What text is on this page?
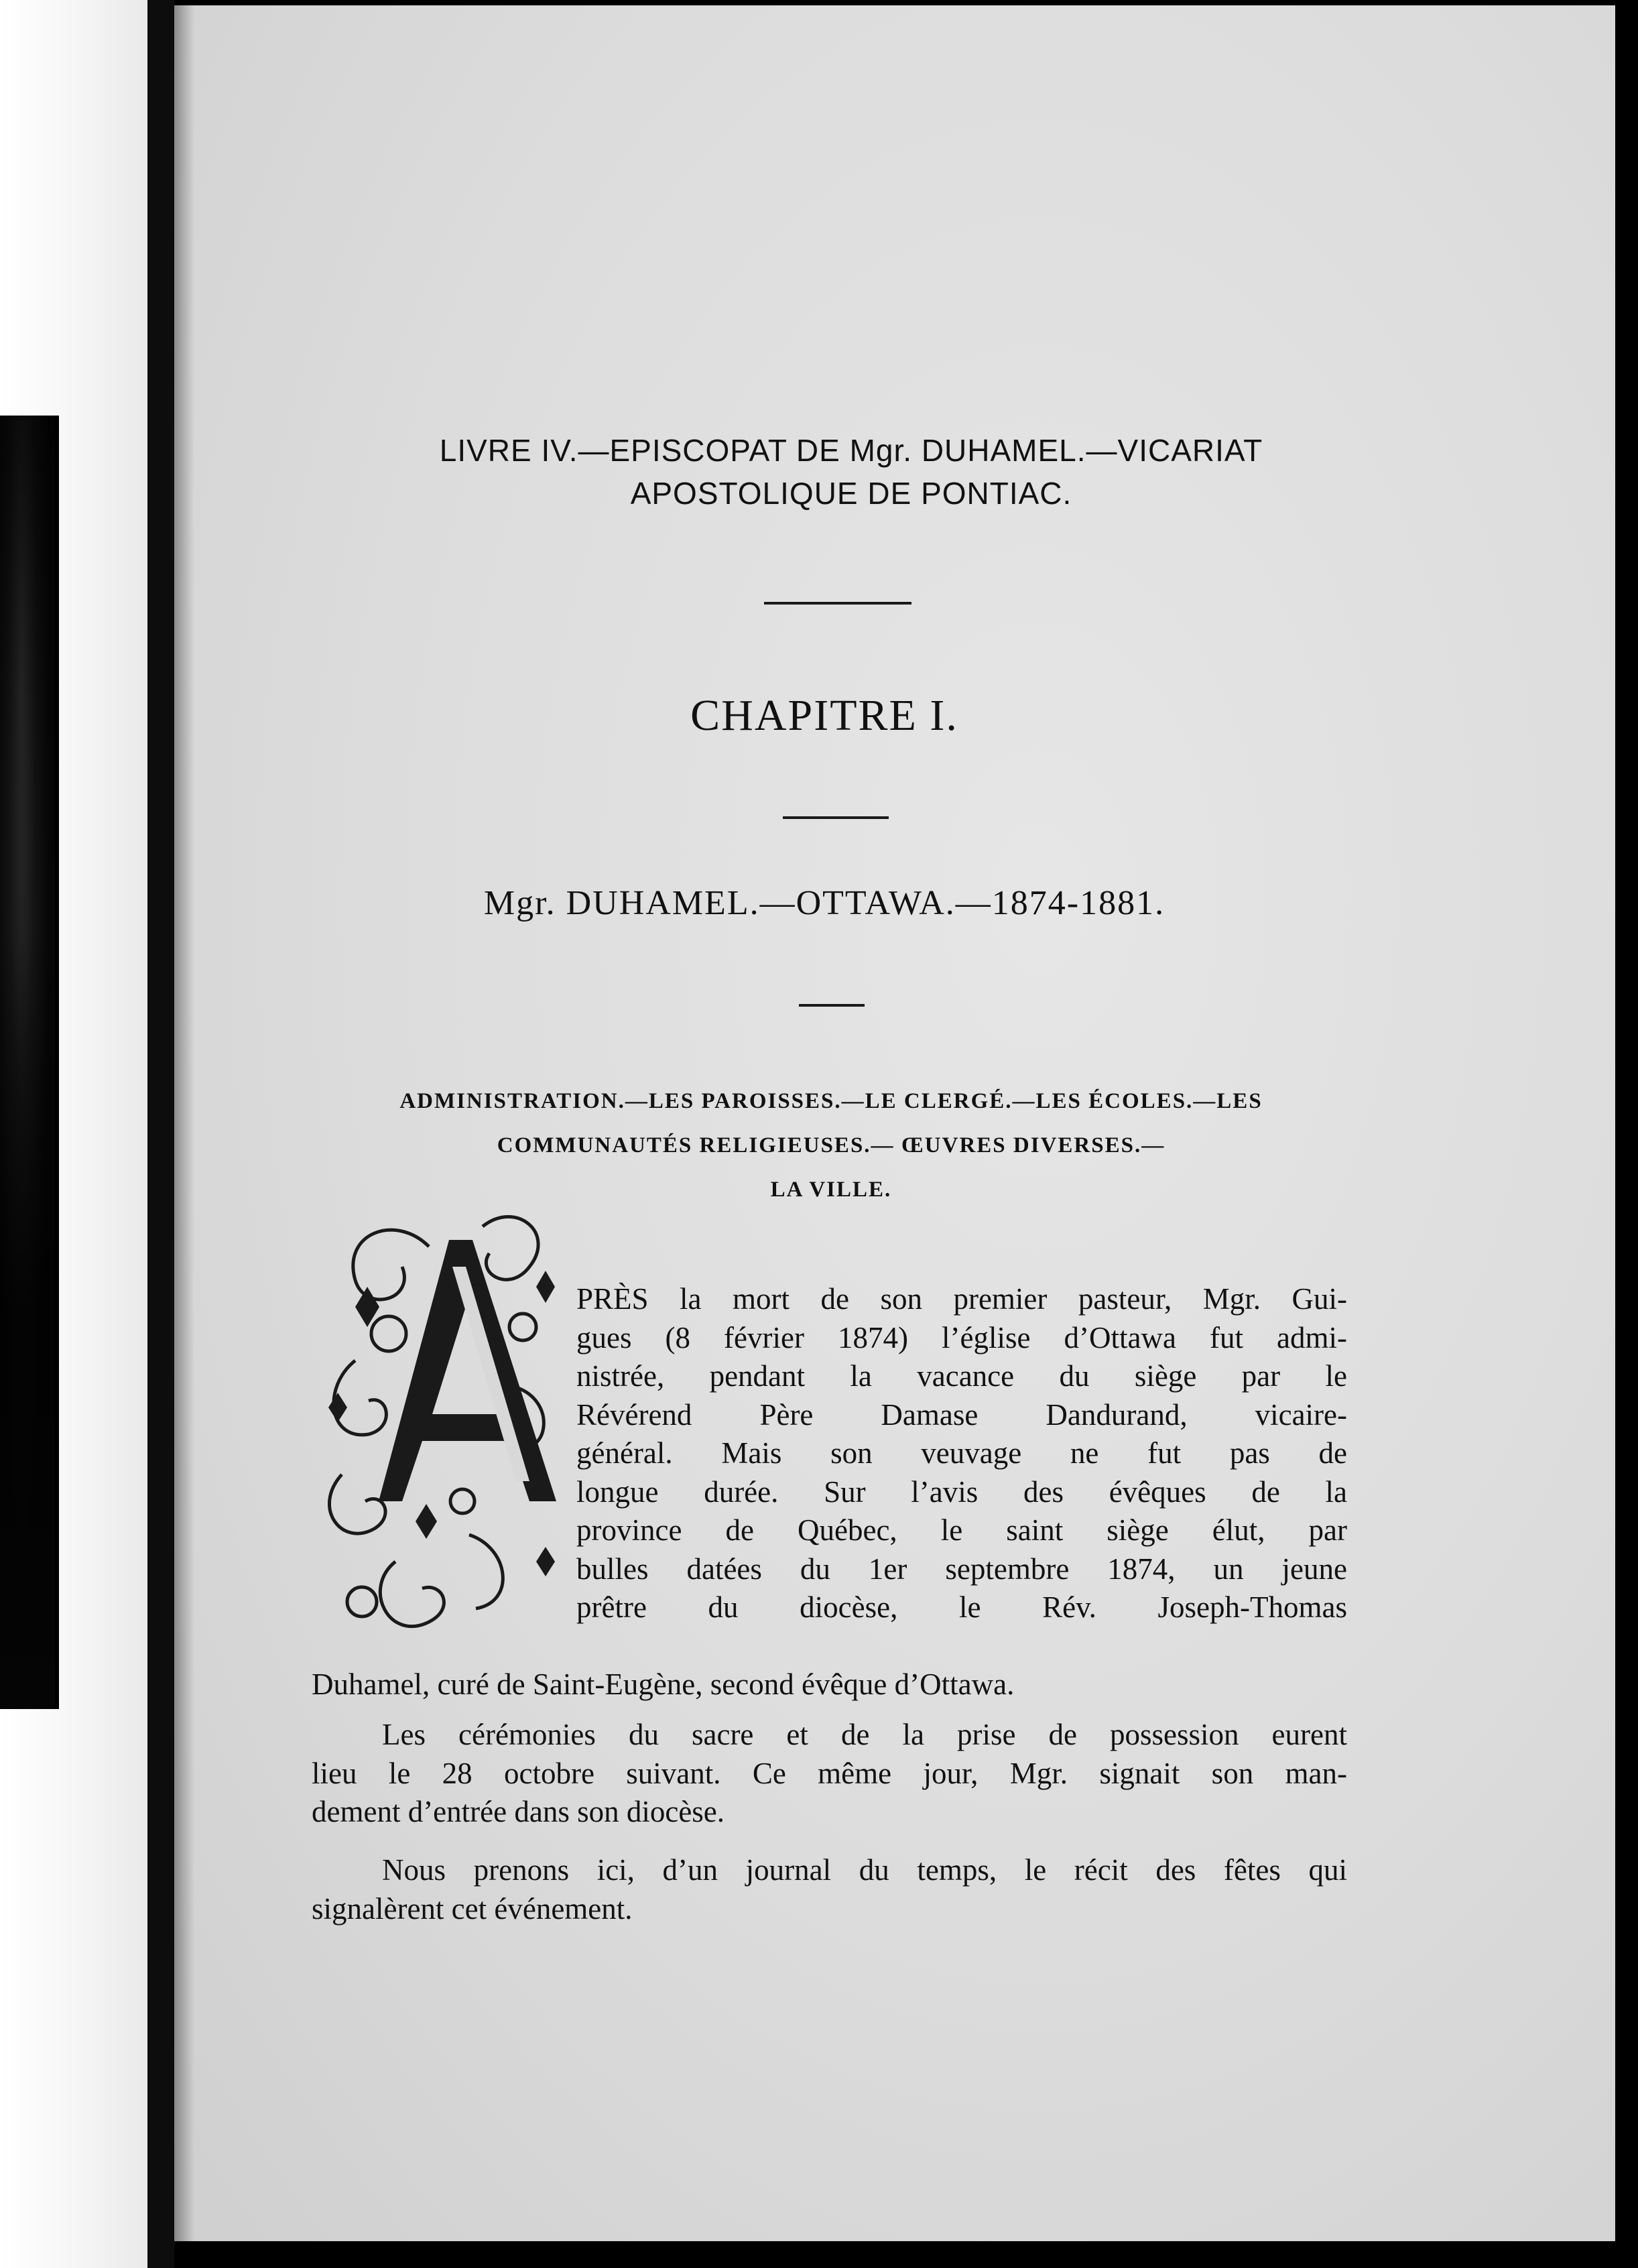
LIVRE IV.—EPISCOPAT DE Mgr. DUHAMEL.—VICARIAT
APOSTOLIQUE DE PONTIAC.
CHAPITRE I.
Mgr. DUHAMEL.—OTTAWA.—1874-1881.
ADMINISTRATION.—LES PAROISSES.—LE CLERGÉ.—LES ÉCOLES.—LES
COMMUNAUTÉS RELIGIEUSES.— ŒUVRES DIVERSES.—
LA VILLE.
PRÈS la mort de son premier pasteur, Mgr. Gui-
gues (8 février 1874) l’église d’Ottawa fut admi-
nistrée, pendant la vacance du siège par le
Révérend Père Damase Dandurand, vicaire-
général. Mais son veuvage ne fut pas de
longue durée. Sur l’avis des évêques de la
province de Québec, le saint siège élut, par
bulles datées du 1er septembre 1874, un jeune
prêtre du diocèse, le Rév. Joseph-Thomas
Duhamel, curé de Saint-Eugène, second évêque d’Ottawa.
Les cérémonies du sacre et de la prise de possession eurent
lieu le 28 octobre suivant. Ce même jour, Mgr. signait son man-
dement d’entrée dans son diocèse.
Nous prenons ici, d’un journal du temps, le récit des fêtes qui
signalèrent cet événement.
